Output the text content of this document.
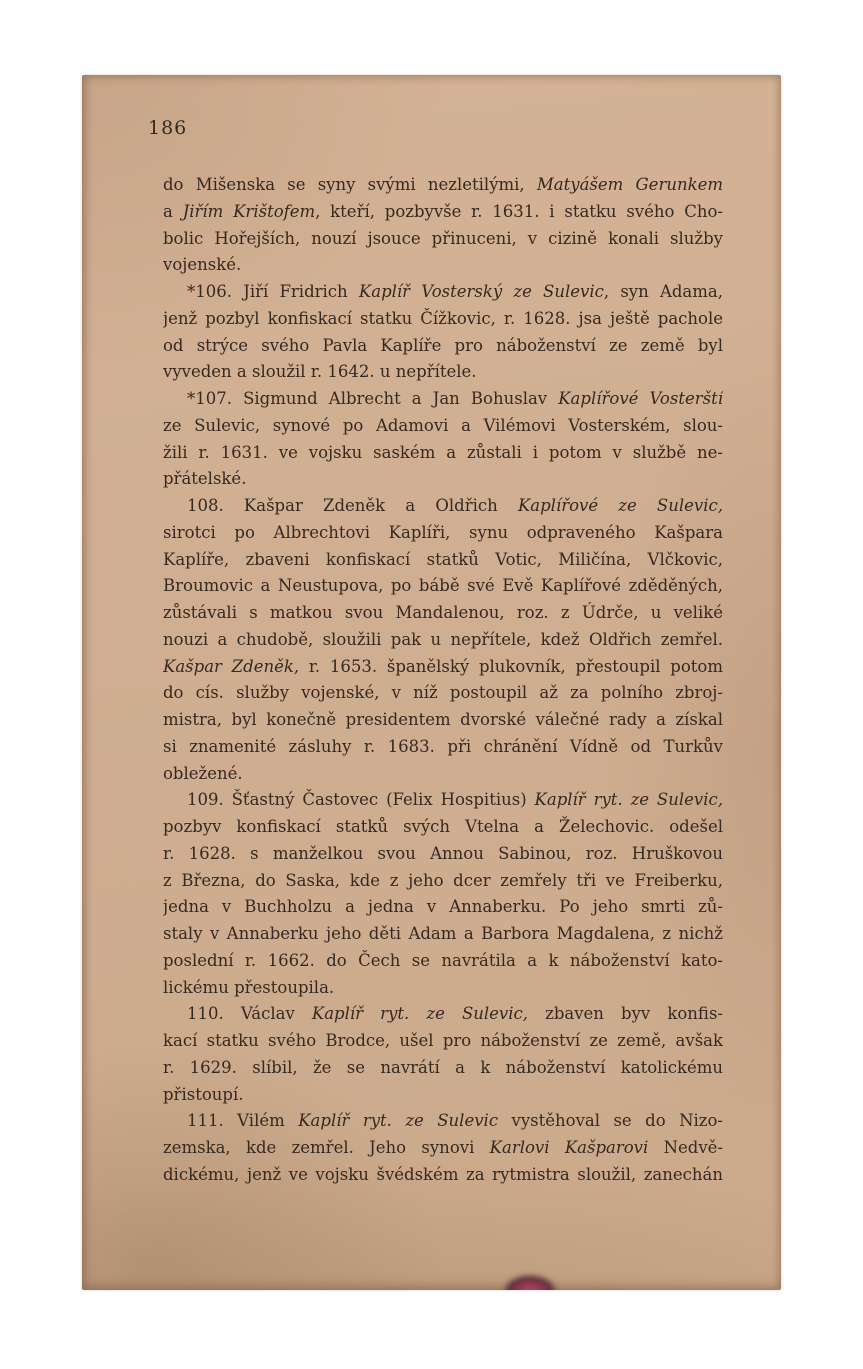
186
do Mišenska se syny svými nezletilými, Matyášem Gerunkem
a Jiřím Krištofem, kteří, pozbyvše r. 1631. i statku svého Cho-
bolic Hořejších, nouzí jsouce přinuceni, v cizině konali služby
vojenské.
*106. Jiří Fridrich Kaplíř Vosterský ze Sulevic, syn Adama,
jenž pozbyl konfiskací statku Čížkovic, r. 1628. jsa ještě pachole
od strýce svého Pavla Kaplíře pro náboženství ze země byl
vyveden a sloužil r. 1642. u nepřítele.
*107. Sigmund Albrecht a Jan Bohuslav Kaplířové Vosterští
ze Sulevic, synové po Adamovi a Vilémovi Vosterském, slou-
žili r. 1631. ve vojsku saském a zůstali i potom v službě ne-
přátelské.
108. Kašpar Zdeněk a Oldřich Kaplířové ze Sulevic,
sirotci po Albrechtovi Kaplíři, synu odpraveného Kašpara
Kaplíře, zbaveni konfiskací statků Votic, Miličína, Vlčkovic,
Broumovic a Neustupova, po bábě své Evě Kaplířové zděděných,
zůstávali s matkou svou Mandalenou, roz. z Údrče, u veliké
nouzi a chudobě, sloužili pak u nepřítele, kdež Oldřich zemřel.
Kašpar Zdeněk, r. 1653. španělský plukovník, přestoupil potom
do cís. služby vojenské, v níž postoupil až za polního zbroj-
mistra, byl konečně presidentem dvorské válečné rady a získal
si znamenité zásluhy r. 1683. při chránění Vídně od Turkův
obležené.
109. Šťastný Častovec (Felix Hospitius) Kaplíř ryt. ze Sulevic,
pozbyv konfiskací statků svých Vtelna a Želechovic. odešel
r. 1628. s manželkou svou Annou Sabinou, roz. Hruškovou
z Března, do Saska, kde z jeho dcer zemřely tři ve Freiberku,
jedna v Buchholzu a jedna v Annaberku. Po jeho smrti zů-
staly v Annaberku jeho děti Adam a Barbora Magdalena, z nichž
poslední r. 1662. do Čech se navrátila a k náboženství kato-
lickému přestoupila.
110. Václav Kaplíř ryt. ze Sulevic, zbaven byv konfis-
kací statku svého Brodce, ušel pro náboženství ze země, avšak
r. 1629. slíbil, že se navrátí a k náboženství katolickému
přistoupí.
111. Vilém Kaplíř ryt. ze Sulevic vystěhoval se do Nizo-
zemska, kde zemřel. Jeho synovi Karlovi Kašparovi Nedvě-
dickému, jenž ve vojsku švédském za rytmistra sloužil, zanechán
